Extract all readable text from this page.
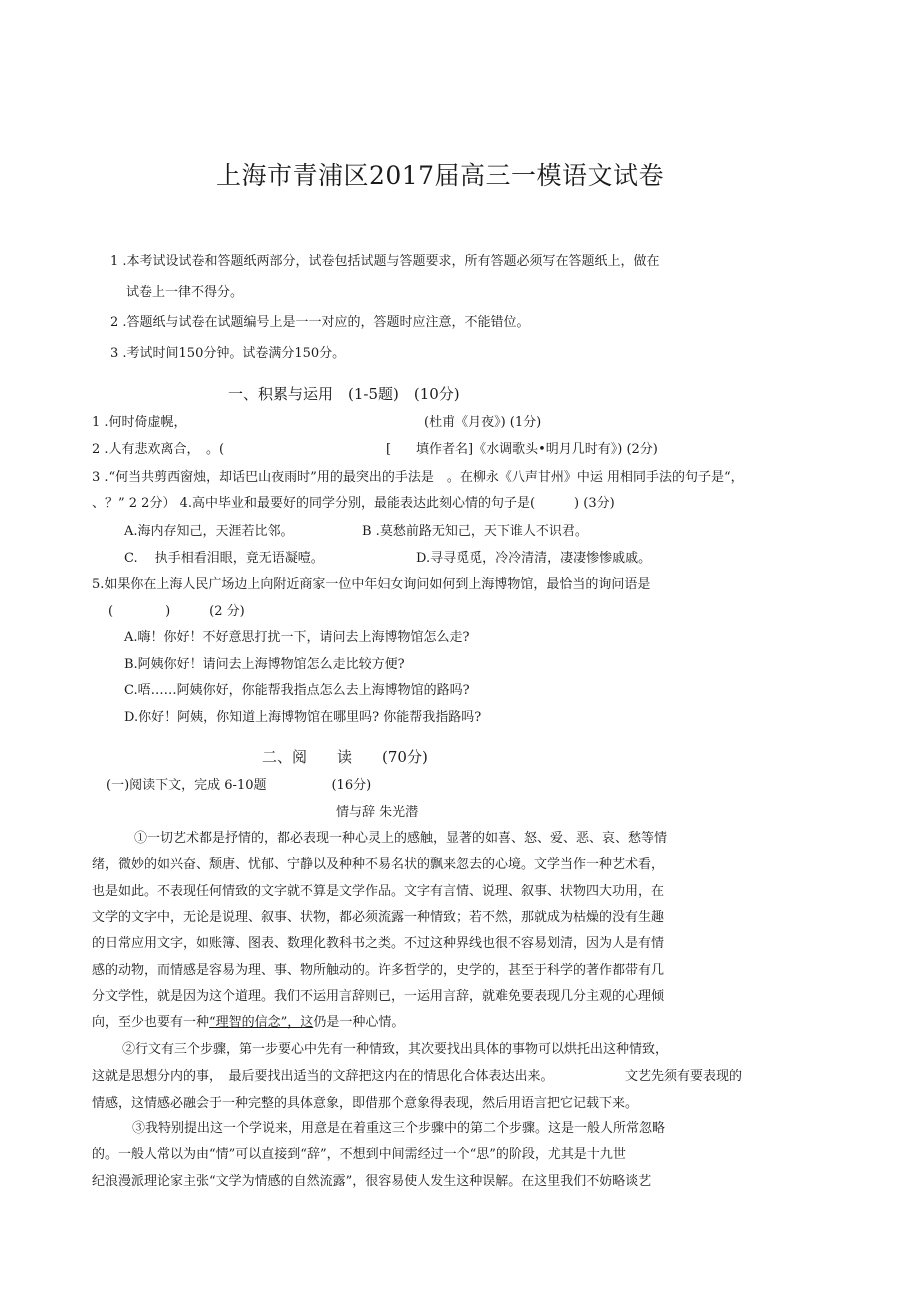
上海市青浦区2017届高三一模语文试卷
1 .本考试设试卷和答题纸两部分，试卷包括试题与答题要求，所有答题必须写在答题纸上，做在
试卷上一律不得分。
2 .答题纸与试卷在试题编号上是一一对应的，答题时应注意，不能错位。
3 .考试时间150分钟。试卷满分150分。
一、积累与运用　(1-5题)　(10分)
1 .何时倚虚幌，	(杜甫《月夜》) (1分)
2 .人有悲欢离合，　。(	[ 填作者名]《水调歌头•明月几时有》) (2分)
3 .“何当共剪西窗烛，却话巴山夜雨时”用的最突出的手法是　。在柳永《八声甘州》中运 用相同手法的句子是“，
、？” 2 2分） 4.高中毕业和最要好的同学分别，最能表达此刻心情的句子是(　　　) (3分)
A.海内存知己，天涯若比邻。	B .莫愁前路无知己，天下谁人不识君。
C.　 执手相看泪眼，竟无语凝噎。	D.寻寻觅觅，冷冷清清，凄凄惨惨戚戚。
5.如果你在上海人民广场边上向附近商家一位中年妇女询问如何到上海博物馆，最恰当的询问语是
(　　　　)　　　(2 分)
A.嗨！你好！不好意思打扰一下，请问去上海博物馆怎么走?
B.阿姨你好！请问去上海博物馆怎么走比较方便?
C.唔……阿姨你好，你能帮我指点怎么去上海博物馆的路吗?
D.你好！阿姨，你知道上海博物馆在哪里吗? 你能帮我指路吗?
二、阅　　读　　(70分)
(一)阅读下文，完成 6-10题　　　　　(16分)
情与辞 朱光潜
①一切艺术都是抒情的，都必表现一种心灵上的感触，显著的如喜、怒、爱、恶、哀、愁等情
绪，微妙的如兴奋、颓唐、忧郁、宁静以及种种不易名状的飘来忽去的心境。文学当作一种艺术看，
也是如此。不表现任何情致的文字就不算是文学作品。文字有言情、说理、叙事、状物四大功用，在
文学的文字中，无论是说理、叙事、状物，都必须流露一种情致；若不然，那就成为枯燥的没有生趣
的日常应用文字，如账簿、图表、数理化教科书之类。不过这种界线也很不容易划清，因为人是有情
感的动物，而情感是容易为理、事、物所触动的。许多哲学的，史学的，甚至于科学的著作都带有几
分文学性，就是因为这个道理。我们不运用言辞则已，一运用言辞，就难免要表现几分主观的心理倾
向，至少也要有一种“理智的信念”，这仍是一种心情。
②行文有三个步骤，第一步要心中先有一种情致，其次要找出具体的事物可以烘托出这种情致，
这就是思想分内的事，　最后要找出适当的文辞把这内在的情思化合体表达出来。　　　　　　文艺先须有要表现的
情感，这情感必融会于一种完整的具体意象，即借那个意象得表现，然后用语言把它记载下来。
③我特别提出这一个学说来，用意是在着重这三个步骤中的第二个步骤。这是一般人所常忽略
的。一般人常以为由“情”可以直接到“辞”，不想到中间需经过一个“思”的阶段，尤其是十九世
纪浪漫派理论家主张“文学为情感的自然流露”，很容易使人发生这种误解。在这里我们不妨略谈艺
